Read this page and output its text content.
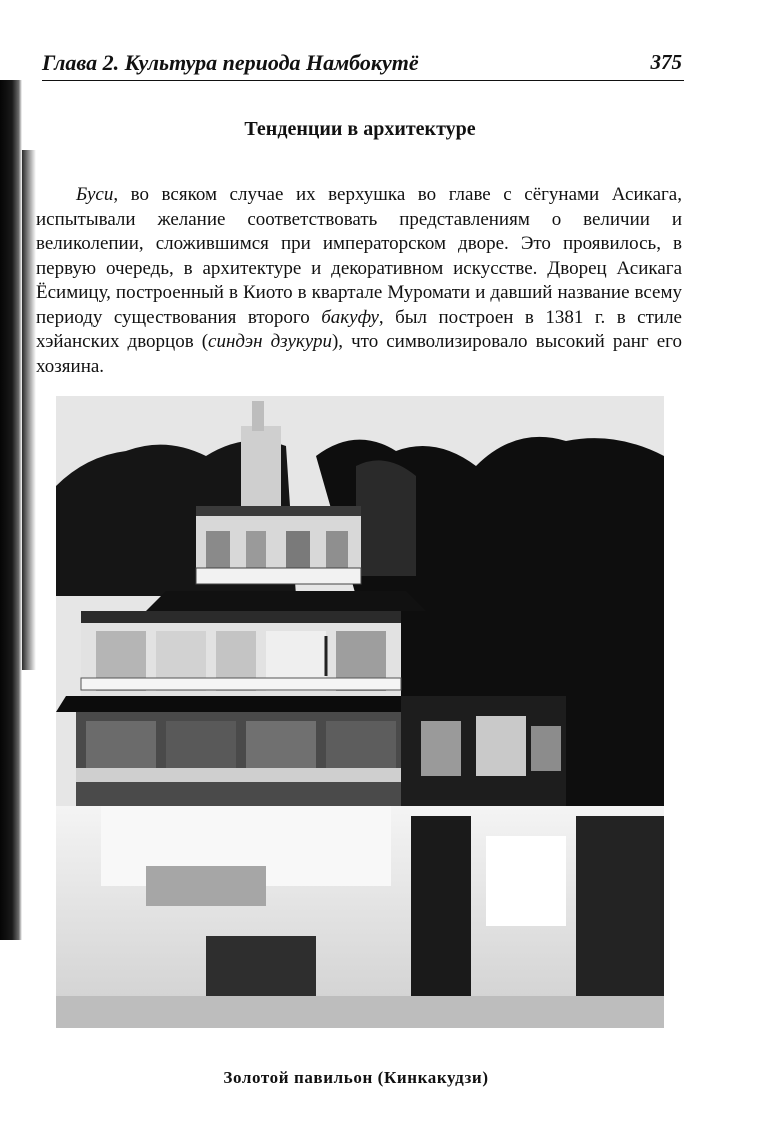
Глава 2. Культура периода Намбокутё	375
Тенденции в архитектуре

Буси, во всяком случае их верхушка во главе с сёгунами Асикага, испытывали желание соответствовать представлениям о величии и великолепии, сложившимся при императорском дворе. Это проявилось, в первую очередь, в архитектуре и декоративном искусстве. Дворец Асикага Ёсимицу, построенный в Киото в квартале Муромати и давший название всему периоду существования второго бакуфу, был построен в 1381 г. в стиле хэйанских дворцов (синдэн дзукури), что символизировало высокий ранг его хозяина.

Золотой павильон (Кинкакудзи)
